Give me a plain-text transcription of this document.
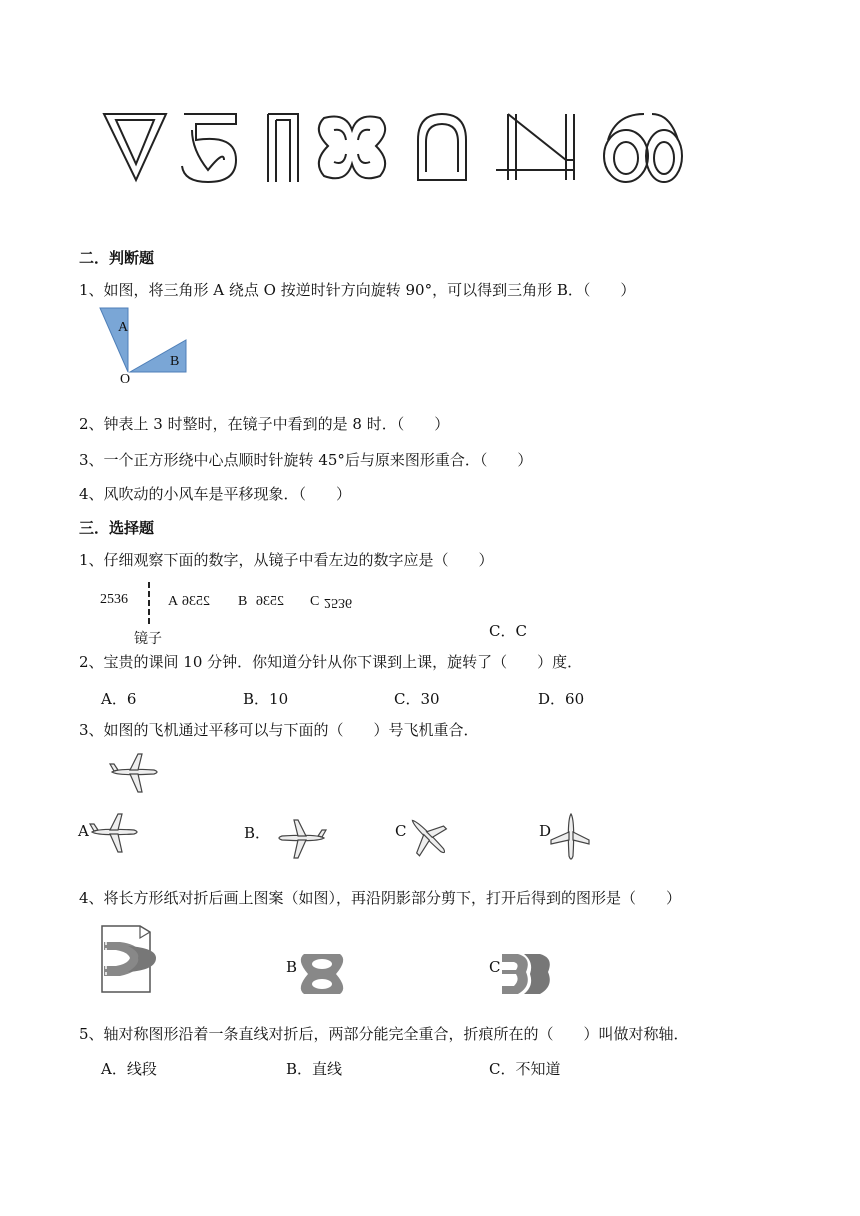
二．判断题
1、如图，将三角形 A 绕点 O 按逆时针方向旋转 90°，可以得到三角形 B．（　　）
A
B
O
2、钟表上 3 时整时，在镜子中看到的是 8 时．（　　）
3、一个正方形绕中心点顺时针旋转 45°后与原来图形重合．（　　）
4、风吹动的小风车是平移现象．（　　）
三．选择题
1、仔细观察下面的数字，从镜子中看左边的数字应是（　　）
2536	A 2536 B 2536 C 2536
镜子	C．C
2、宝贵的课间 10 分钟．你知道分针从你下课到上课，旋转了（　　）度．
A．6	B．10	C．30	D．60
3、如图的飞机通过平移可以与下面的（　　）号飞机重合．
A	B．	C	D
4、将长方形纸对折后画上图案（如图），再沿阴影部分剪下，打开后得到的图形是（　　）
B	C
5、轴对称图形沿着一条直线对折后，两部分能完全重合，折痕所在的（　　）叫做对称轴．
A．线段	B．直线	C．不知道
